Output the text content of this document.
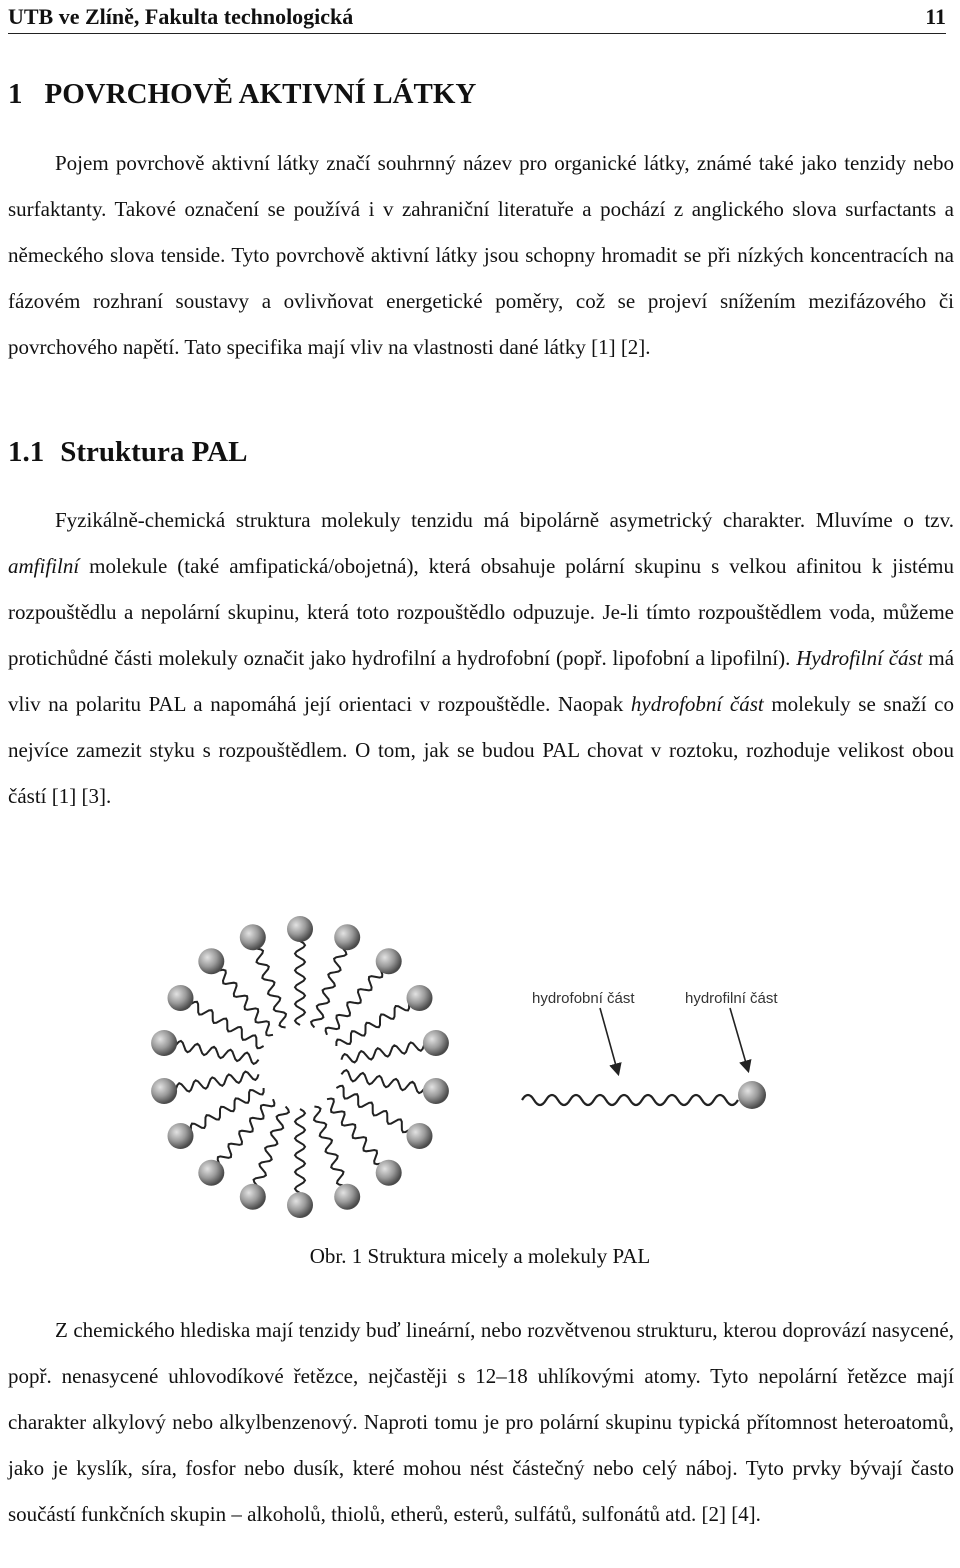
UTB ve Zlíně, Fakulta technologická	11
1 POVRCHOVĚ AKTIVNÍ LÁTKY

Pojem povrchově aktivní látky značí souhrnný název pro organické látky, známé také jako tenzidy nebo surfaktanty. Takové označení se používá i v zahraniční literatuře a pochází z anglického slova surfactants a německého slova tenside. Tyto povrchově aktivní látky jsou schopny hromadit se při nízkých koncentracích na fázovém rozhraní soustavy a ovlivňovat energetické poměry, což se projeví snížením mezifázového či povrchového napětí. Tato specifika mají vliv na vlastnosti dané látky [1] [2].

1.1 Struktura PAL

Fyzikálně-chemická struktura molekuly tenzidu má bipolárně asymetrický charakter. Mluvíme o tzv. amfifilní molekule (také amfipatická/obojetná), která obsahuje polární skupinu s velkou afinitou k jistému rozpouštědlu a nepolární skupinu, která toto rozpouštědlo odpuzuje. Je-li tímto rozpouštědlem voda, můžeme protichůdné části molekuly označit jako hydrofilní a hydrofobní (popř. lipofobní a lipofilní). Hydrofilní část má vliv na polaritu PAL a napomáhá její orientaci v rozpouštědle. Naopak hydrofobní část molekuly se snaží co nejvíce zamezit styku s rozpouštědlem. O tom, jak se budou PAL chovat v roztoku, rozhoduje velikost obou částí [1] [3].

hydrofobní část	hydrofilní část

Obr. 1 Struktura micely a molekuly PAL

Z chemického hlediska mají tenzidy buď lineární, nebo rozvětvenou strukturu, kterou doprovází nasycené, popř. nenasycené uhlovodíkové řetězce, nejčastěji s 12–18 uhlíkovými atomy. Tyto nepolární řetězce mají charakter alkylový nebo alkylbenzenový. Naproti tomu je pro polární skupinu typická přítomnost heteroatomů, jako je kyslík, síra, fosfor nebo dusík, které mohou nést částečný nebo celý náboj. Tyto prvky bývají často součástí funkčních skupin – alkoholů, thiolů, etherů, esterů, sulfátů, sulfonátů atd. [2] [4].
